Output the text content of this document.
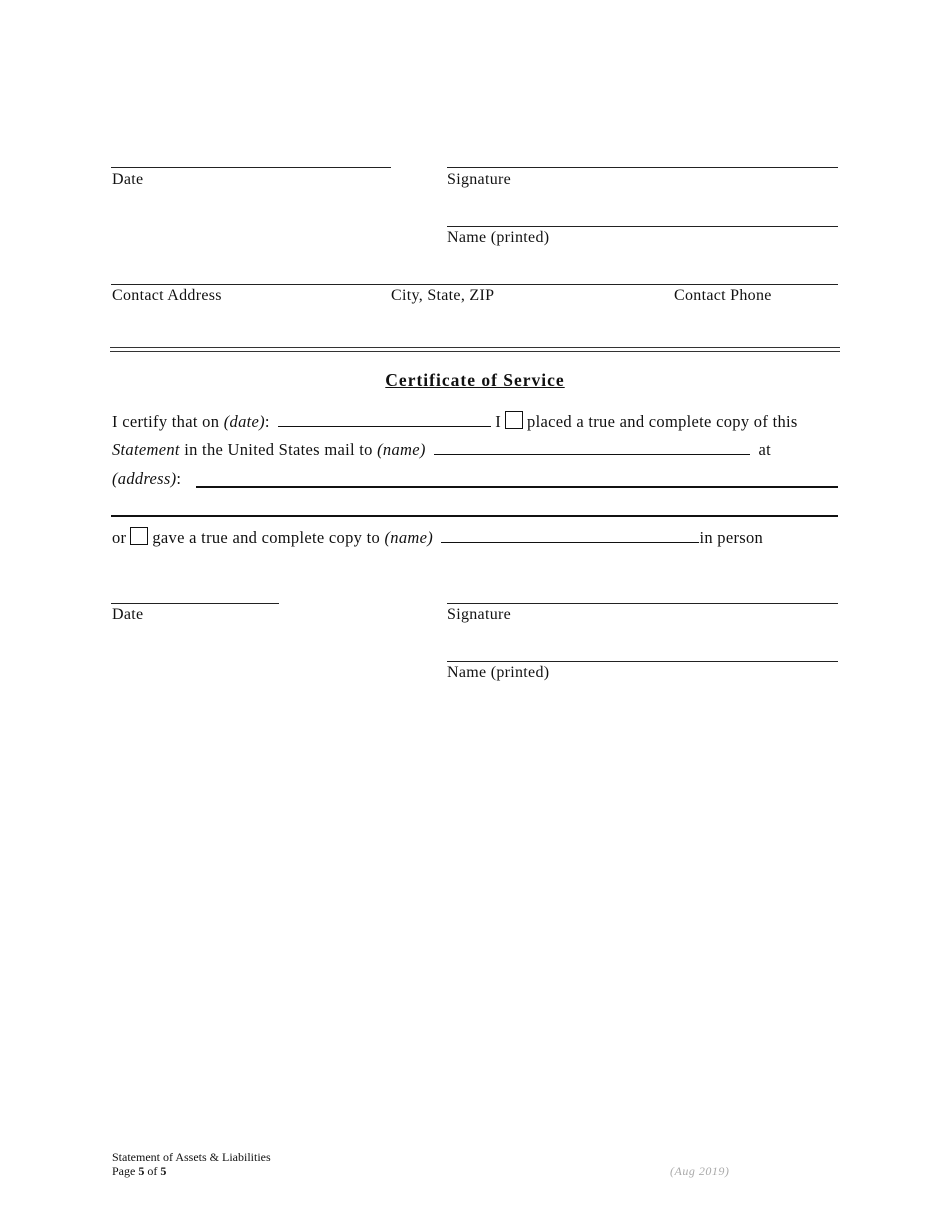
Date	Signature
Name (printed)
Contact Address	City, State, ZIP	Contact Phone
Certificate of Service
I certify that on (date):	I placed a true and complete copy of this
Statement in the United States mail to (name)	at
(address):
or gave a true and complete copy to (name)	in person
Date	Signature
Name (printed)
Statement of Assets & Liabilities
Page 5 of 5	(Aug 2019)
